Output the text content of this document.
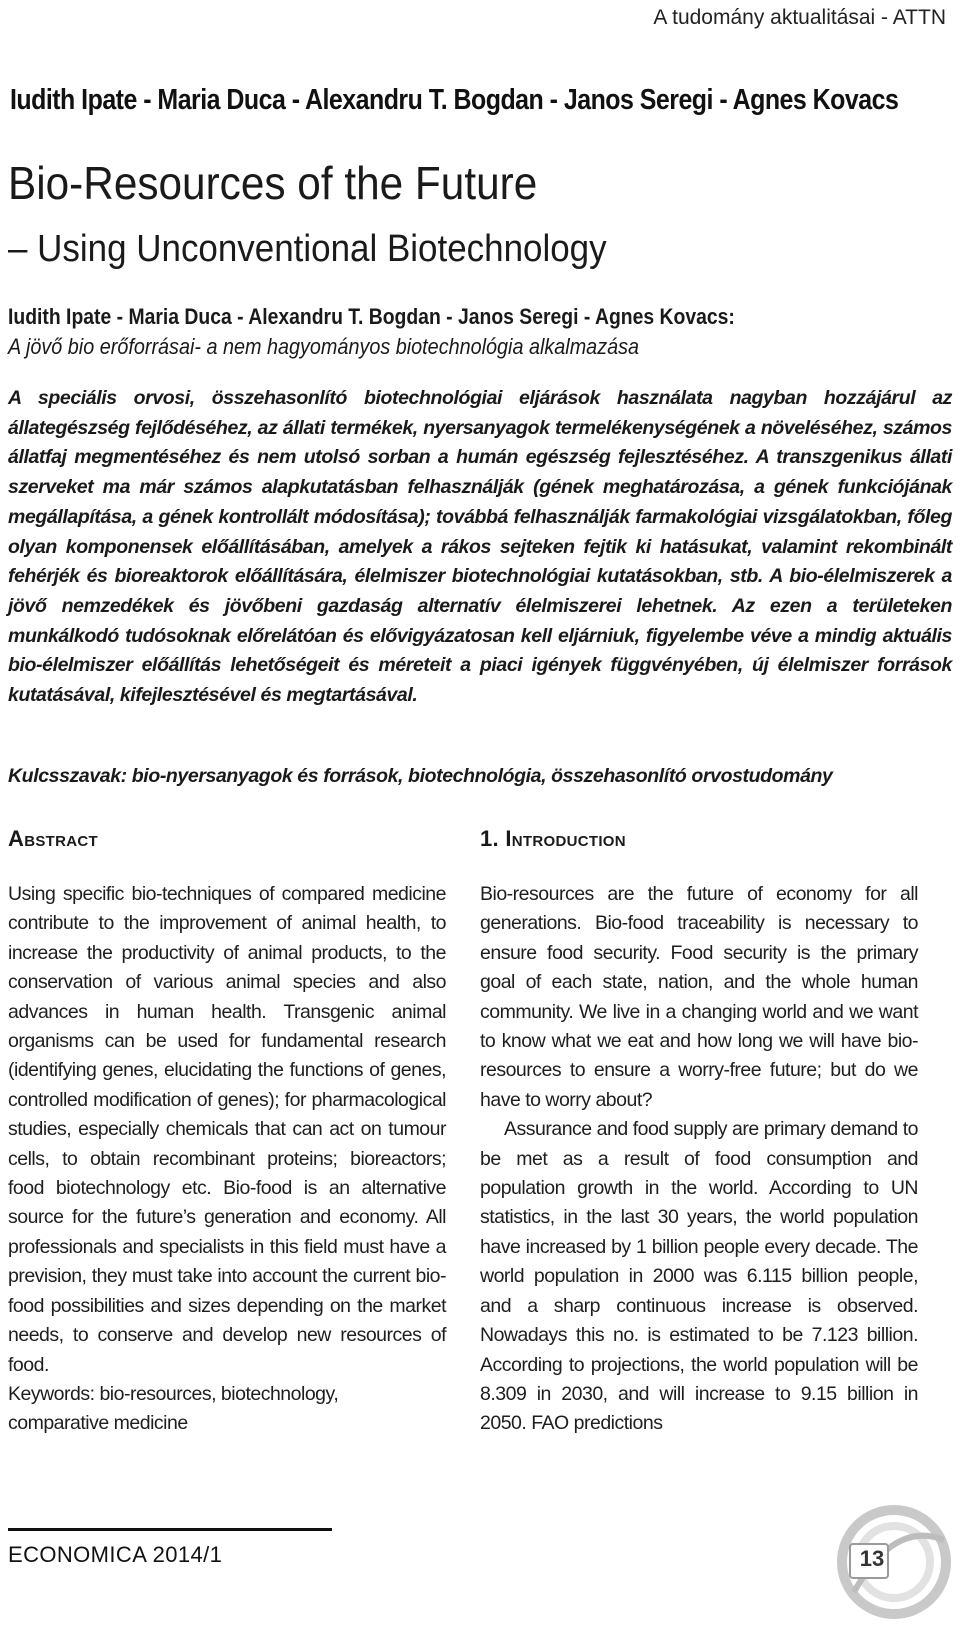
A tudomány aktualitásai - ATTN
Iudith Ipate - Maria Duca - Alexandru T. Bogdan - Janos Seregi - Agnes Kovacs
Bio-Resources of the Future
– Using Unconventional Biotechnology
Iudith Ipate - Maria Duca - Alexandru T. Bogdan - Janos Seregi - Agnes Kovacs:
A jövő bio erőforrásai- a nem hagyományos biotechnológia alkalmazása
A speciális orvosi, összehasonlító biotechnológiai eljárások használata nagyban hozzájárul az állategészség fejlődéséhez, az állati termékek, nyersanyagok termelékenységének a növeléséhez, számos állatfaj megmentéséhez és nem utolsó sorban a humán egészség fejlesztéséhez. A transzgenikus állati szerveket ma már számos alapkutatásban felhasználják (gének meghatározása, a gének funkciójának megállapítása, a gének kontrollált módosítása); továbbá felhasználják farmakológiai vizsgálatokban, főleg olyan komponensek előállításában, amelyek a rákos sejteken fejtik ki hatásukat, valamint rekombinált fehérjék és bioreaktorok előállítására, élelmiszer biotechnológiai kutatásokban, stb. A bio-élelmiszerek a jövő nemzedékek és jövőbeni gazdaság alternatív élelmiszerei lehetnek. Az ezen a területeken munkálkodó tudósoknak előrelátóan és elővigyázatosan kell eljárniuk, figyelembe véve a mindig aktuális bio-élelmiszer előállítás lehetőségeit és méreteit a piaci igények függvényében, új élelmiszer források kutatásával, kifejlesztésével és megtartásával.
Kulcsszavak: bio-nyersanyagok és források, biotechnológia, összehasonlító orvostudomány
Abstract	1. Introduction

Using specific bio-techniques of compared medicine contribute to the improvement of animal health, to increase the productivity of animal products, to the conservation of various animal species and also advances in human health. Transgenic animal organisms can be used for fundamental research (identifying genes, elucidating the functions of genes, controlled modification of genes); for pharmacological studies, especially chemicals that can act on tumour cells, to obtain recombinant proteins; bioreactors; food biotechnology etc. Bio-food is an alternative source for the future’s generation and economy. All professionals and specialists in this field must have a prevision, they must take into account the current bio-food possibilities and sizes depending on the market needs, to conserve and develop new resources of food.

Keywords: bio-resources, biotechnology,

comparative medicine

Bio-resources are the future of economy for all generations. Bio-food traceability is necessary to ensure food security. Food security is the primary goal of each state, nation, and the whole human community. We live in a changing world and we want to know what we eat and how long we will have bio-resources to ensure a worry-free future; but do we have to worry about?

Assurance and food supply are primary demand to be met as a result of food consumption and population growth in the world. According to UN statistics, in the last 30 years, the world population have increased by 1 billion people every decade. The world population in 2000 was 6.115 billion people, and a sharp continuous increase is observed. Nowadays this no. is estimated to be 7.123 billion. According to projections, the world population will be 8.309 in 2030, and will increase to 9.15 billion in 2050. FAO predictions

ECONOMICA 2014/1	13
